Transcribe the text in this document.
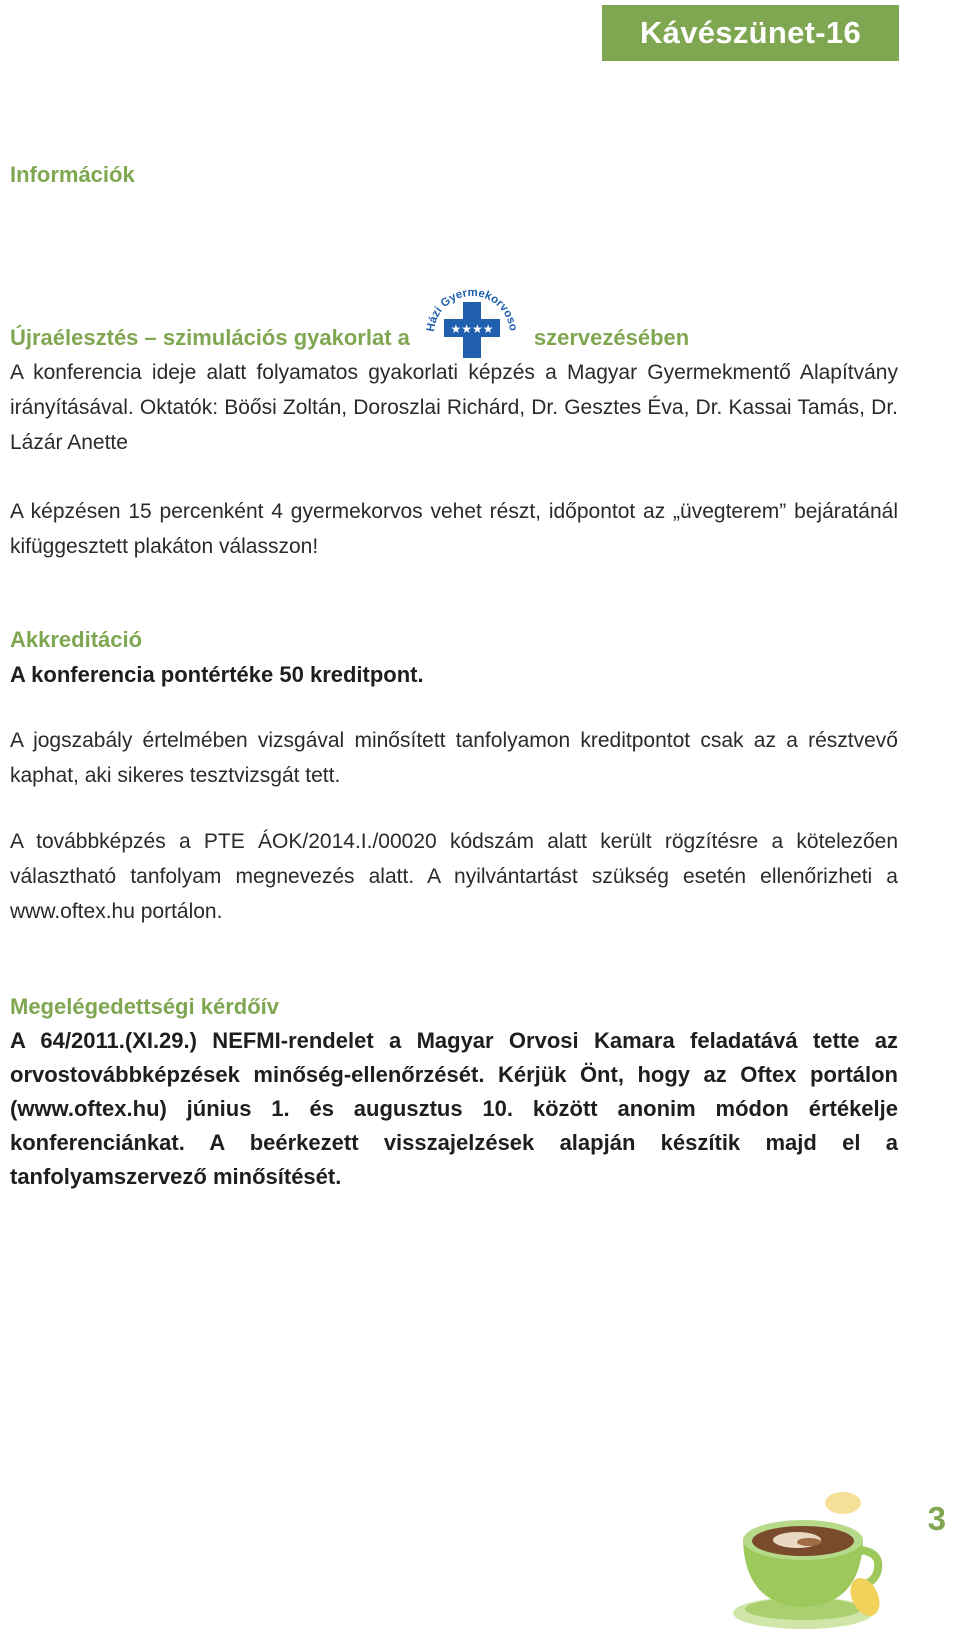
Kávészünet-16
Információk
Újraélesztés – szimulációs gyakorlat a	Házi Gyermekorvoso
★★★★ szervezésében

A konferencia ideje alatt folyamatos gyakorlati képzés a Magyar Gyermekmentő Alapítvány irányításával. Oktatók: Böősi Zoltán, Doroszlai Richárd, Dr. Gesztes Éva, Dr. Kassai Tamás, Dr. Lázár Anette

A képzésen 15 percenként 4 gyermekorvos vehet részt, időpontot az „üvegterem” bejáratánál kifüggesztett plakáton válasszon!

Akkreditáció
A konferencia pontértéke 50 kreditpont.

A jogszabály értelmében vizsgával minősített tanfolyamon kreditpontot csak az a résztvevő kaphat, aki sikeres tesztvizsgát tett.

A továbbképzés a PTE ÁOK/2014.I./00020 kódszám alatt került rögzítésre a kötelezően választható tanfolyam megnevezés alatt. A nyilvántartást szükség esetén ellenőrizheti a www.oftex.hu portálon.

Megelégedettségi kérdőív

A 64/2011.(XI.29.) NEFMI-rendelet a Magyar Orvosi Kamara feladatává tette az orvostovábbképzések minőség-ellenőrzését. Kérjük Önt, hogy az Oftex portálon (www.oftex.hu) június 1. és augusztus 10. között anonim módon értékelje konferenciánkat. A beérkezett visszajelzések alapján készítik majd el a tanfolyamszervező minősítését.

3
